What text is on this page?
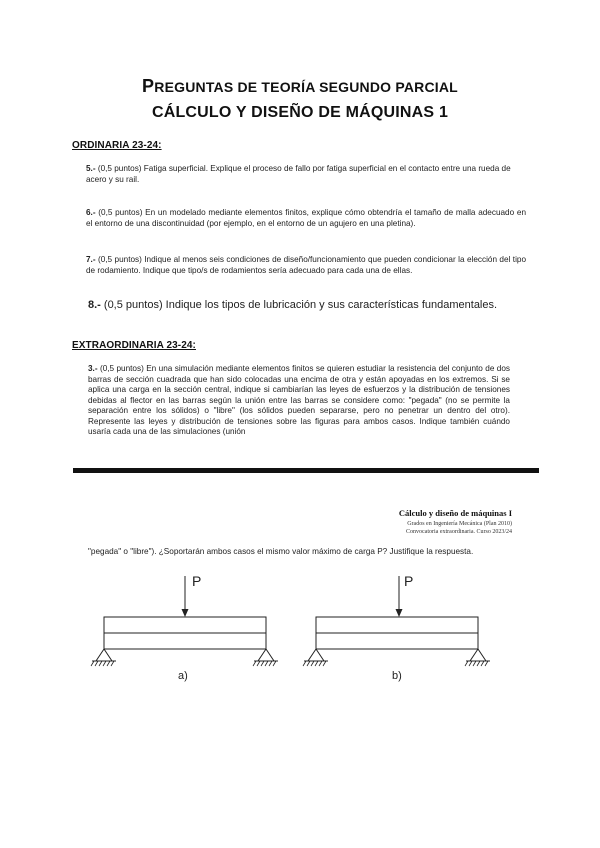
PREGUNTAS DE TEORÍA SEGUNDO PARCIAL
CÁLCULO Y DISEÑO DE MÁQUINAS 1
ORDINARIA 23-24:
5.- (0,5 puntos) Fatiga superficial. Explique el proceso de fallo por fatiga superficial en el contacto entre una rueda de acero y su rail.
6.- (0,5 puntos) En un modelado mediante elementos finitos, explique cómo obtendría el tamaño de malla adecuado en el entorno de una discontinuidad (por ejemplo, en el entorno de un agujero en una pletina).
7.- (0,5 puntos) Indique al menos seis condiciones de diseño/funcionamiento que pueden condicionar la elección del tipo de rodamiento. Indique que tipo/s de rodamientos sería adecuado para cada una de ellas.
8.- (0,5 puntos) Indique los tipos de lubricación y sus características fundamentales.
EXTRAORDINARIA 23-24:
3.- (0,5 puntos) En una simulación mediante elementos finitos se quieren estudiar la resistencia del conjunto de dos barras de sección cuadrada que han sido colocadas una encima de otra y están apoyadas en los extremos. Si se aplica una carga en la sección central, indique si cambiarían las leyes de esfuerzos y la distribución de tensiones debidas al flector en las barras según la unión entre las barras se considere como: "pegada" (no se permite la separación entre los sólidos) o "libre" (los sólidos pueden separarse, pero no penetrar un dentro del otro). Represente las leyes y distribución de tensiones sobre las figuras para ambos casos. Indique también cuándo usaría cada una de las simulaciones (unión
Cálculo y diseño de máquinas I
Grados en Ingeniería Mecánica (Plan 2010)
Convocatoria extraordinaria. Curso 2023/24
"pegada" o "libre"). ¿Soportarán ambos casos el mismo valor máximo de carga P? Justifique la respuesta.
P
a)
P
b)
